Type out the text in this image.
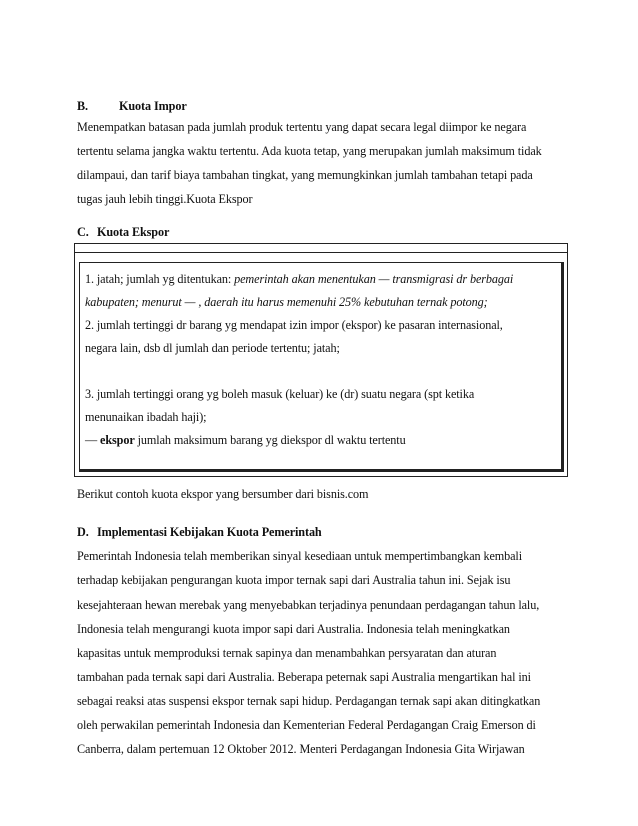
B.	Kuota Impor
Menempatkan batasan pada jumlah produk tertentu yang dapat secara legal diimpor ke negara
tertentu selama jangka waktu tertentu. Ada kuota tetap, yang merupakan jumlah maksimum tidak
dilampaui, dan tarif biaya tambahan tingkat, yang memungkinkan jumlah tambahan tetapi pada
tugas jauh lebih tinggi.Kuota Ekspor
C. Kuota Ekspor
1. jatah; jumlah yg ditentukan: pemerintah akan menentukan — transmigrasi dr berbagai
kabupaten; menurut — , daerah itu harus memenuhi 25% kebutuhan ternak potong;
2. jumlah tertinggi dr barang yg mendapat izin impor (ekspor) ke pasaran internasional,
negara lain, dsb dl jumlah dan periode tertentu; jatah;
3. jumlah tertinggi orang yg boleh masuk (keluar) ke (dr) suatu negara (spt ketika
menunaikan ibadah haji);
— ekspor jumlah maksimum barang yg diekspor dl waktu tertentu
Berikut contoh kuota ekspor yang bersumber dari bisnis.com
D. Implementasi Kebijakan Kuota Pemerintah
Pemerintah Indonesia telah memberikan sinyal kesediaan untuk mempertimbangkan kembali
terhadap kebijakan pengurangan kuota impor ternak sapi dari Australia tahun ini. Sejak isu
kesejahteraan hewan merebak yang menyebabkan terjadinya penundaan perdagangan tahun lalu,
Indonesia telah mengurangi kuota impor sapi dari Australia. Indonesia telah meningkatkan
kapasitas untuk memproduksi ternak sapinya dan menambahkan persyaratan dan aturan
tambahan pada ternak sapi dari Australia. Beberapa peternak sapi Australia mengartikan hal ini
sebagai reaksi atas suspensi ekspor ternak sapi hidup. Perdagangan ternak sapi akan ditingkatkan
oleh perwakilan pemerintah Indonesia dan Kementerian Federal Perdagangan Craig Emerson di
Canberra, dalam pertemuan 12 Oktober 2012. Menteri Perdagangan Indonesia Gita Wirjawan
